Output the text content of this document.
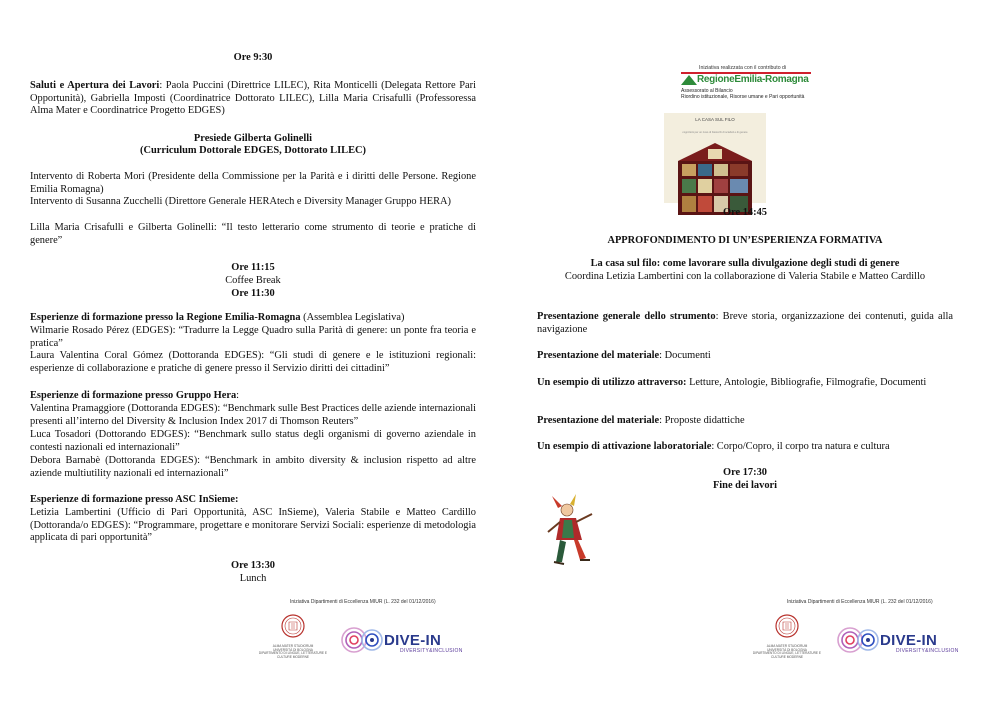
Ore 9:30

Saluti e Apertura dei Lavori: Paola Puccini (Direttrice LILEC), Rita Monticelli (Delegata Rettore Pari Opportunità), Gabriella Imposti (Coordinatrice Dottorato LILEC), Lilla Maria Crisafulli (Professoressa Alma Mater e Coordinatrice Progetto EDGES)

Presiede Gilberta Golinelli

(Curriculum Dottorale EDGES, Dottorato LILEC)

Intervento di Roberta Mori (Presidente della Commissione per la Parità e i diritti delle Persone. Regione Emilia Romagna)

Intervento di Susanna Zucchelli (Direttore Generale HERAtech e Diversity Manager Gruppo HERA)

Lilla Maria Crisafulli e Gilberta Golinelli: “Il testo letterario come strumento di teorie e pratiche di genere”

Ore 11:15

Coffee Break

Ore 11:30

Esperienze di formazione presso la Regione Emilia-Romagna (Assemblea Legislativa)

Wilmarie Rosado Pérez (EDGES): “Tradurre la Legge Quadro sulla Parità di genere: un ponte fra teoria e pratica”

Laura Valentina Coral Gómez (Dottoranda EDGES): “Gli studi di genere e le istituzioni regionali: esperienze di collaborazione e pratiche di genere presso il Servizio diritti dei cittadini”

Esperienze di formazione presso Gruppo Hera:

Valentina Pramaggiore (Dottoranda EDGES): “Benchmark sulle Best Practices delle aziende internazionali presenti all’interno del Diversity & Inclusion Index 2017 di Thomson Reuters”

Luca Tosadori (Dottorando EDGES): “Benchmark sullo status degli organismi di governo aziendale in contesti nazionali ed internazionali”

Debora Barnabè (Dottoranda EDGES): “Benchmark in ambito diversity & inclusion rispetto ad altre aziende multiutility nazionali ed internazionali”

Esperienze di formazione presso ASC InSieme:

Letizia Lambertini (Ufficio di Pari Opportunità, ASC InSieme), Valeria Stabile e Matteo Cardillo (Dottoranda/o EDGES): “Programmare, progettare e monitorare Servizi Sociali: esperienze di metodologia applicata di pari opportunità”

Ore 13:30

Lunch

Iniziativa Dipartimenti di Eccellenza MIUR (L. 232 del 01/12/2016)
ALMA MATER STUDIORUM
UNIVERSITÀ DI BOLOGNA
DIPARTIMENTO DI LINGUE, LETTERATURE E CULTURE MODERNE
DIVE-IN
DIVERSITY&INCLUSION
Iniziativa realizzata con il contributo di
RegioneEmilia-Romagna
Assessorato al Bilancio
Riordino istituzionale, Risorse umane e Pari opportunità
LA CASA SUL FILO
cognizioni per un riuso di bisiocchi di sciaboli e di genere

Ore 14:45

APPROFONDIMENTO DI UN’ESPERIENZA FORMATIVA

La casa sul filo: come lavorare sulla divulgazione degli studi di genere

Coordina Letizia Lambertini con la collaborazione di Valeria Stabile e Matteo Cardillo

Presentazione generale dello strumento: Breve storia, organizzazione dei contenuti, guida alla navigazione

Presentazione del materiale: Documenti

Un esempio di utilizzo attraverso: Letture, Antologie, Bibliografie, Filmografie, Documenti

Presentazione del materiale: Proposte didattiche

Un esempio di attivazione laboratoriale: Corpo/Copro, il corpo tra natura e cultura

Ore 17:30

Fine dei lavori

Iniziativa Dipartimenti di Eccellenza MIUR (L. 232 del 01/12/2016)
ALMA MATER STUDIORUM
UNIVERSITÀ DI BOLOGNA
DIPARTIMENTO DI LINGUE, LETTERATURE E CULTURE MODERNE
DIVE-IN
DIVERSITY&INCLUSION
